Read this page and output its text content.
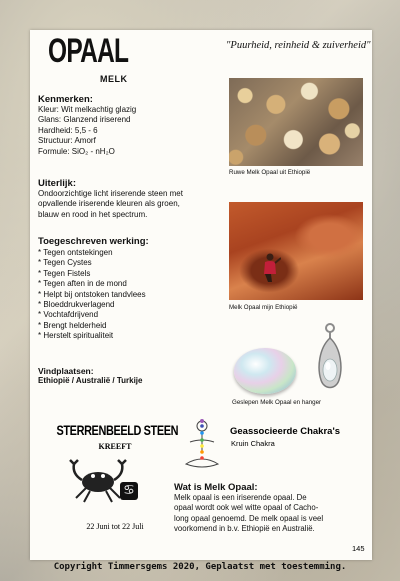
OPAAL
MELK
"Puurheid, reinheid & zuiverheid"
Kenmerken:
Kleur: Wit melkachtig glazig
Glans: Glanzend iriserend
Hardheid: 5,5 - 6
Structuur: Amorf
Formule: SiO₂ - nH₂O
Uiterlijk:
Ondoorzichtige licht iriserende steen met
opvallende iriserende kleuren als groen,
blauw en rood in het spectrum.
Toegeschreven werking:
* Tegen ontstekingen
* Tegen Cystes
* Tegen Fistels
* Tegen aften in de mond
* Helpt bij ontstoken tandvlees
* Bloeddrukverlagend
* Vochtafdrijvend
* Brengt helderheid
* Herstelt spiritualiteit
Vindplaatsen:
Ethiopië / Australië / Turkije
Ruwe Melk Opaal uit Ethiopië
Melk Opaal mijn Ethiopië
Geslepen Melk Opaal en hanger
STERRENBEELD STEEN
KREEFT
♋
22 Juni tot 22 Juli
Geassocieerde Chakra's
Kruin Chakra
Wat is Melk Opaal:
Melk opaal is een iriserende opaal. De
opaal wordt ook wel witte opaal of Cacho-
long opaal genoemd. De melk opaal is veel
voorkomend in b.v. Ethiopië en Australië.
145
Copyright Timmersgems 2020, Geplaatst met toestemming.
